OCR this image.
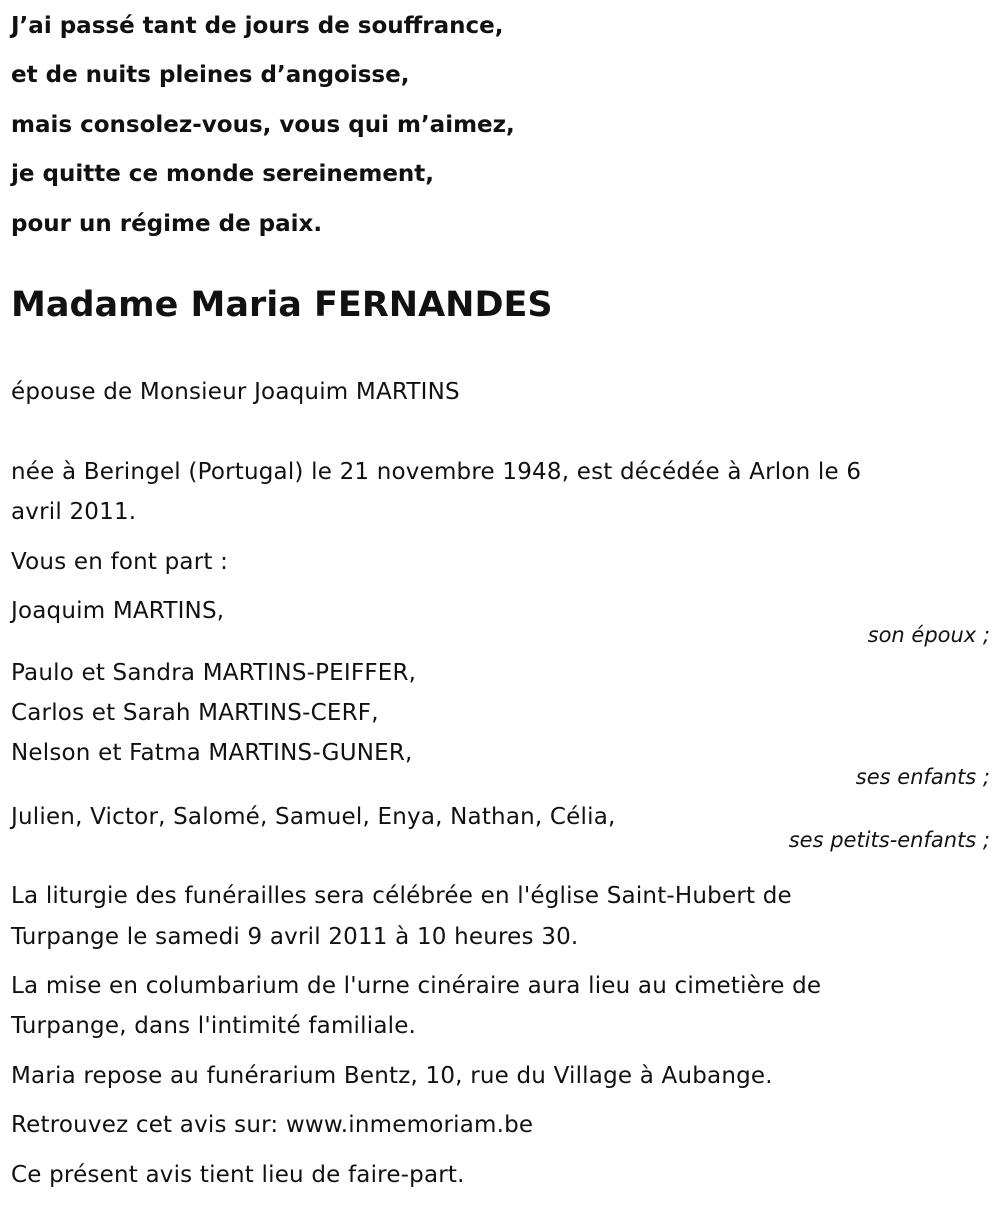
J’ai passé tant de jours de souffrance,
et de nuits pleines d’angoisse,
mais consolez-vous, vous qui m’aimez,
je quitte ce monde sereinement,
pour un régime de paix.
Madame Maria FERNANDES
épouse de Monsieur Joaquim MARTINS
née à Beringel (Portugal) le 21 novembre 1948, est décédée à Arlon le 6
avril 2011.
Vous en font part :
Joaquim MARTINS,
son époux ;
Paulo et Sandra MARTINS-PEIFFER,
Carlos et Sarah MARTINS-CERF,
Nelson et Fatma MARTINS-GUNER,
ses enfants ;
Julien, Victor, Salomé, Samuel, Enya, Nathan, Célia,
ses petits-enfants ;
La liturgie des funérailles sera célébrée en l'église Saint-Hubert de
Turpange le samedi 9 avril 2011 à 10 heures 30.
La mise en columbarium de l'urne cinéraire aura lieu au cimetière de
Turpange, dans l'intimité familiale.
Maria repose au funérarium Bentz, 10, rue du Village à Aubange.
Retrouvez cet avis sur: www.inmemoriam.be
Ce présent avis tient lieu de faire-part.
